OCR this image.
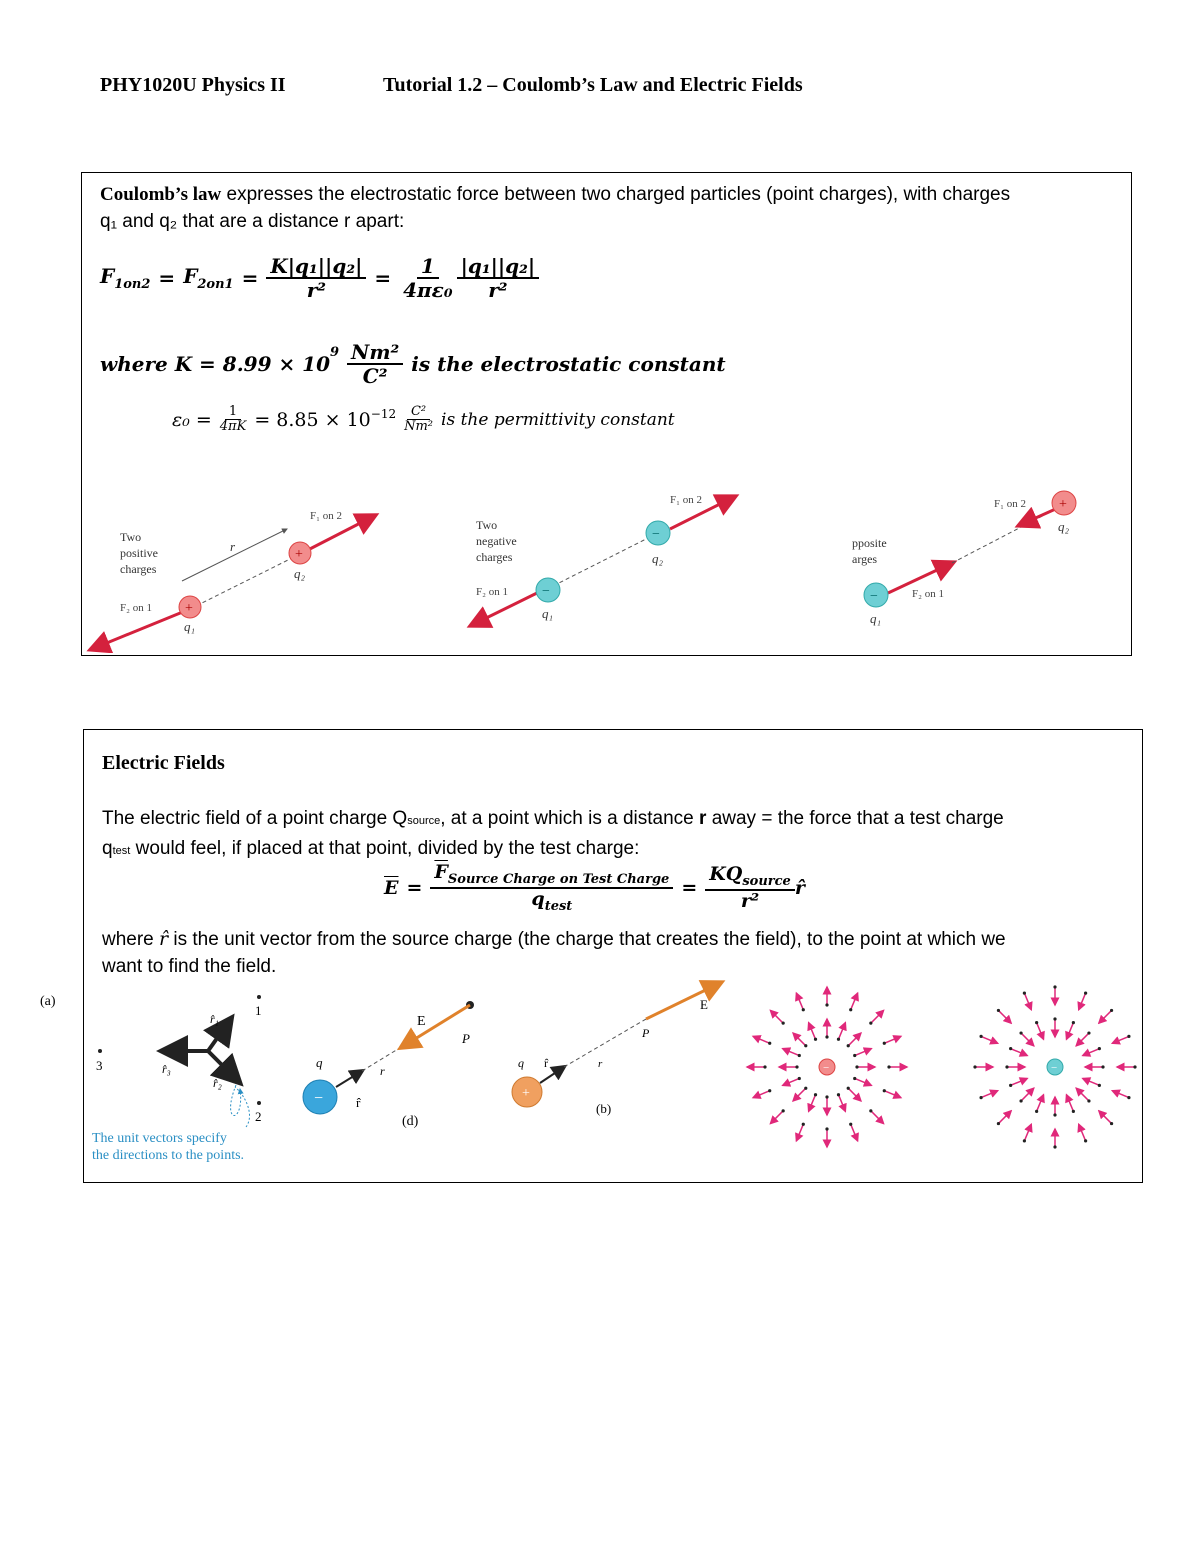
PHY1020U Physics II	Tutorial 1.2 – Coulomb’s Law and Electric Fields
Coulomb’s law expresses the electrostatic force between two charged particles (point charges), with charges
q₁ and q₂ that are a distance r apart:
$F_{1on2} = F_{2on1} = \frac{\text{K|q₁||q₂|}}{\text{r²}} = \frac{1}{\text{4πε₀}} \frac{\text{|q₁||q₂|}}{\text{r²}}$
where $K = 8.99 \times 10^9 \frac{\text{Nm²}}{\text{C²}}$ is the electrostatic constant
$\varepsilon_0 = \frac{1}{4\pi K} = 8.85 \times 10^{-12} \frac{\text{C²}}{\text{Nm²}}$ is the permittivity constant
Two
positive
charges
+
+
r
q₁
q₂
F₂ on 1
F₁ on 2
Two
negative
charges
−
−
q₁
q₂
F₂ on 1
F₁ on 2
pposite
arges
−
+
q₁
q₂
F₂ on 1
F₁ on 2
Electric Fields
The electric field of a point charge Qsource, at a point which is a distance r away = the force that a test charge
qtest would feel, if placed at that point, divided by the test charge:
$\overline{E} = \frac{\overline{F}_{Source Charge on Test Charge}}{q_{test}} = \frac{KQ_{source}}{\text{r²}}$ r̂
where r̂ is the unit vector from the source charge (the charge that creates the field), to the point at which we
want to find the field.
(a)
1
3
2
r̂₁
r̂₃
r̂₂
The unit vectors specify
the directions to the points.
−
E
P
q
r
r̂
(d)
+
E
P
q	r
r̂
(b)
−	−
